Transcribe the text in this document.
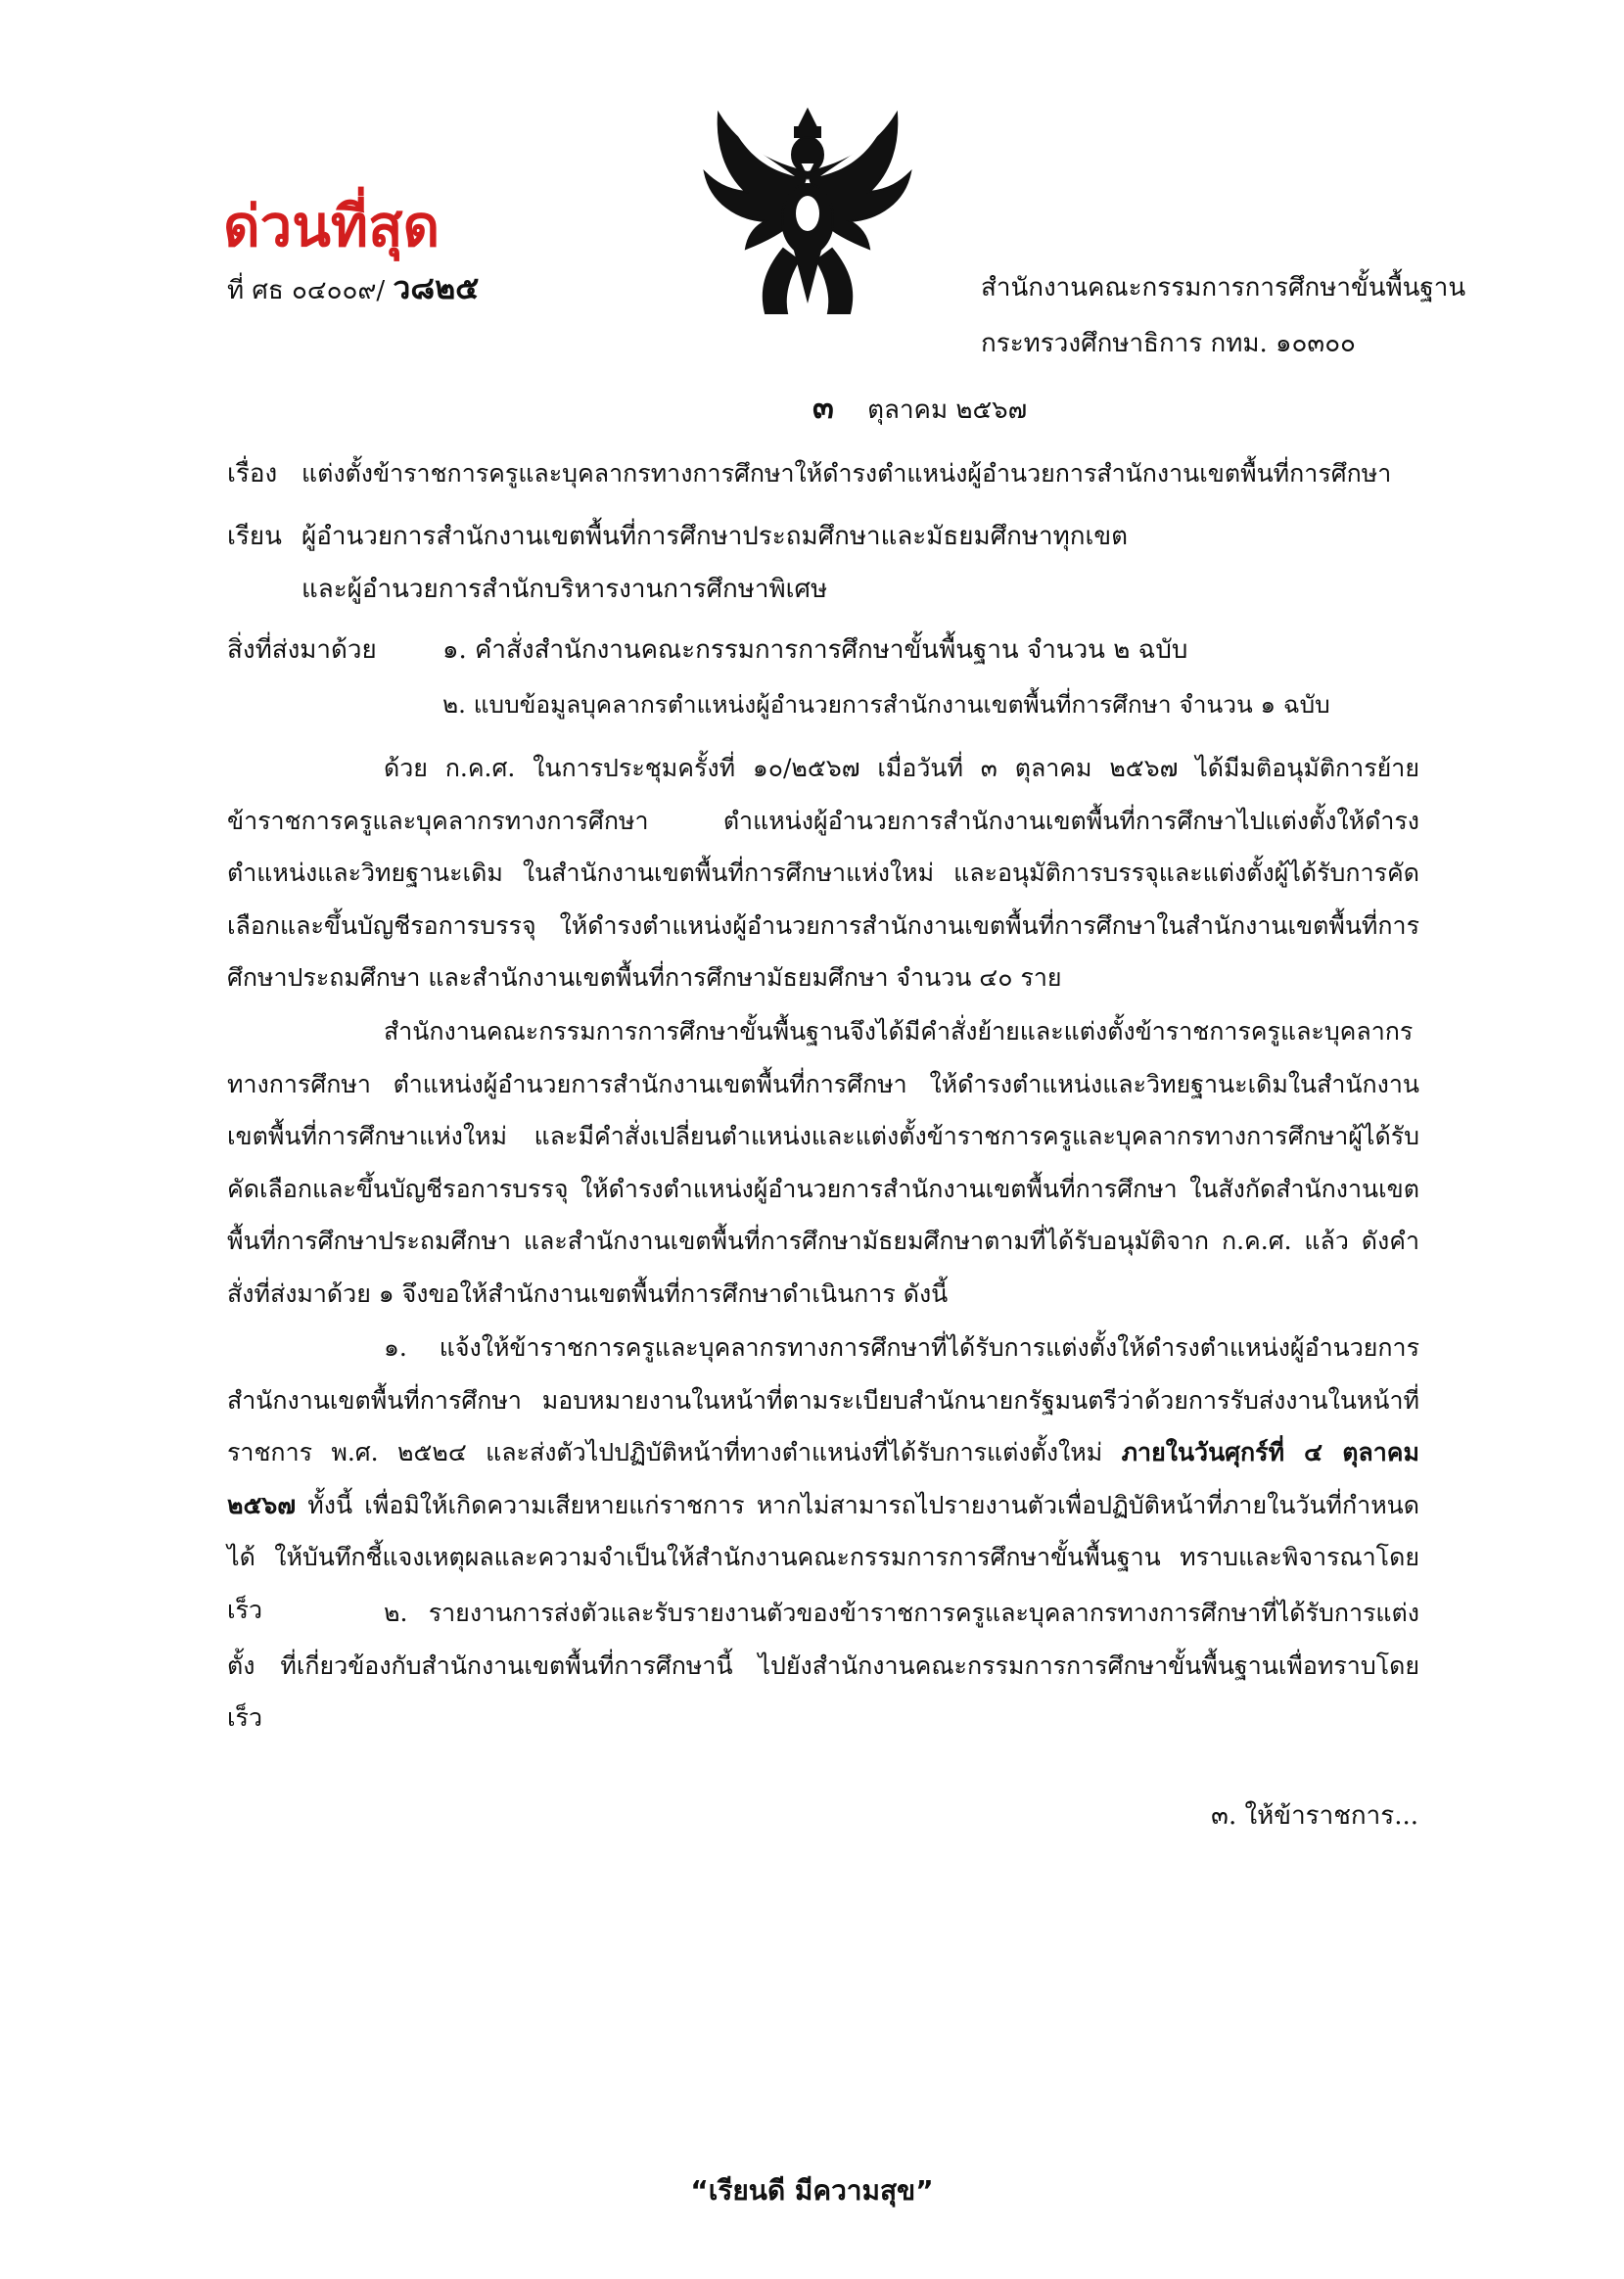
ด่วนที่สุด
ที่ ศธ ๐๔๐๐๙/ ว๘๒๕	สำนักงานคณะกรรมการการศึกษาขั้นพื้นฐาน
กระทรวงศึกษาธิการ กทม. ๑๐๓๐๐
๓ ตุลาคม ๒๕๖๗
เรื่อง แต่งตั้งข้าราชการครูและบุคลากรทางการศึกษาให้ดำรงตำแหน่งผู้อำนวยการสำนักงานเขตพื้นที่การศึกษา
เรียน ผู้อำนวยการสำนักงานเขตพื้นที่การศึกษาประถมศึกษาและมัธยมศึกษาทุกเขต
และผู้อำนวยการสำนักบริหารงานการศึกษาพิเศษ
สิ่งที่ส่งมาด้วย	๑. คำสั่งสำนักงานคณะกรรมการการศึกษาขั้นพื้นฐาน จำนวน ๒ ฉบับ
๒. แบบข้อมูลบุคลากรตำแหน่งผู้อำนวยการสำนักงานเขตพื้นที่การศึกษา จำนวน ๑ ฉบับ
ด้วย ก.ค.ศ. ในการประชุมครั้งที่ ๑๐/๒๕๖๗ เมื่อวันที่ ๓ ตุลาคม ๒๕๖๗ ได้มีมติอนุมัติการย้ายข้าราชการครูและบุคลากรทางการศึกษา ตำแหน่งผู้อำนวยการสำนักงานเขตพื้นที่การศึกษาไปแต่งตั้งให้ดำรงตำแหน่งและวิทยฐานะเดิม ในสำนักงานเขตพื้นที่การศึกษาแห่งใหม่ และอนุมัติการบรรจุและแต่งตั้งผู้ได้รับการคัดเลือกและขึ้นบัญชีรอการบรรจุ ให้ดำรงตำแหน่งผู้อำนวยการสำนักงานเขตพื้นที่การศึกษาในสำนักงานเขตพื้นที่การศึกษาประถมศึกษา และสำนักงานเขตพื้นที่การศึกษามัธยมศึกษา จำนวน ๔๐ ราย
สำนักงานคณะกรรมการการศึกษาขั้นพื้นฐานจึงได้มีคำสั่งย้ายและแต่งตั้งข้าราชการครูและบุคลากรทางการศึกษา ตำแหน่งผู้อำนวยการสำนักงานเขตพื้นที่การศึกษา ให้ดำรงตำแหน่งและวิทยฐานะเดิมในสำนักงานเขตพื้นที่การศึกษาแห่งใหม่ และมีคำสั่งเปลี่ยนตำแหน่งและแต่งตั้งข้าราชการครูและบุคลากรทางการศึกษาผู้ได้รับคัดเลือกและขึ้นบัญชีรอการบรรจุ ให้ดำรงตำแหน่งผู้อำนวยการสำนักงานเขตพื้นที่การศึกษา ในสังกัดสำนักงานเขตพื้นที่การศึกษาประถมศึกษา และสำนักงานเขตพื้นที่การศึกษามัธยมศึกษาตามที่ได้รับอนุมัติจาก ก.ค.ศ. แล้ว ดังคำสั่งที่ส่งมาด้วย ๑ จึงขอให้สำนักงานเขตพื้นที่การศึกษาดำเนินการ ดังนี้
๑. แจ้งให้ข้าราชการครูและบุคลากรทางการศึกษาที่ได้รับการแต่งตั้งให้ดำรงตำแหน่งผู้อำนวยการสำนักงานเขตพื้นที่การศึกษา มอบหมายงานในหน้าที่ตามระเบียบสำนักนายกรัฐมนตรีว่าด้วยการรับส่งงานในหน้าที่ราชการ พ.ศ. ๒๕๒๔ และส่งตัวไปปฏิบัติหน้าที่ทางตำแหน่งที่ได้รับการแต่งตั้งใหม่ ภายในวันศุกร์ที่ ๔ ตุลาคม ๒๕๖๗ ทั้งนี้ เพื่อมิให้เกิดความเสียหายแก่ราชการ หากไม่สามารถไปรายงานตัวเพื่อปฏิบัติหน้าที่ภายในวันที่กำหนดได้ ให้บันทึกชี้แจงเหตุผลและความจำเป็นให้สำนักงานคณะกรรมการการศึกษาขั้นพื้นฐาน ทราบและพิจารณาโดยเร็ว	๒. รายงานการส่งตัวและรับรายงานตัวของข้าราชการครูและบุคลากรทางการศึกษาที่ได้รับการแต่งตั้ง ที่เกี่ยวข้องกับสำนักงานเขตพื้นที่การศึกษานี้ ไปยังสำนักงานคณะกรรมการการศึกษาขั้นพื้นฐานเพื่อทราบโดยเร็ว
๓. ให้ข้าราชการ...
“เรียนดี มีความสุข”
